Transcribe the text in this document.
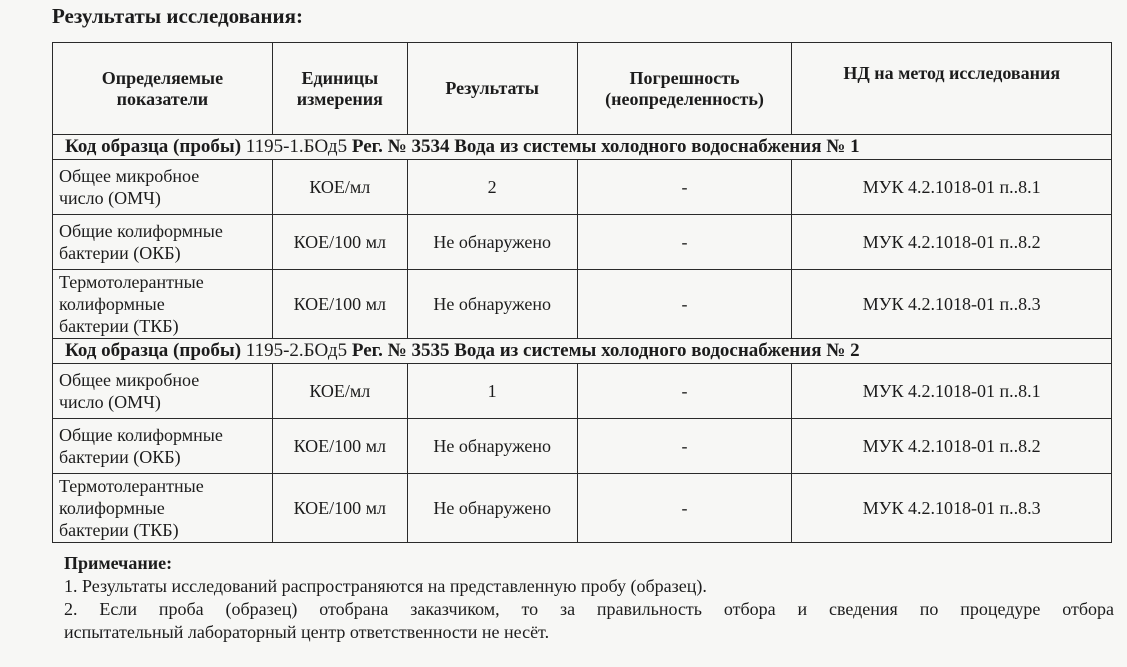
Результаты исследования:
Определяемые
показатели	Единицы
измерения	Результаты	Погрешность
(неопределенность)	НД на метод исследования

Код образца (пробы) 1195-1.БОд5 Рег. № 3534 Вода из системы холодного водоснабжения № 1				

Общее микробное
число (ОМЧ)	КОЕ/мл	2	-	МУК 4.2.1018-01 п..8.1

Общие колиформные
бактерии (ОКБ)	КОЕ/100 мл	Не обнаружено	-	МУК 4.2.1018-01 п..8.2

Термотолерантные
колиформные
бактерии (ТКБ)	КОЕ/100 мл	Не обнаружено	-	МУК 4.2.1018-01 п..8.3
Код образца (пробы) 1195-2.БОд5 Рег. № 3535 Вода из системы холодного водоснабжения № 2				

Общее микробное
число (ОМЧ)	КОЕ/мл	1	-	МУК 4.2.1018-01 п..8.1

Общие колиформные
бактерии (ОКБ)	КОЕ/100 мл	Не обнаружено	-	МУК 4.2.1018-01 п..8.2

Термотолерантные
колиформные
бактерии (ТКБ)	КОЕ/100 мл	Не обнаружено	-	МУК 4.2.1018-01 п..8.3
Примечание:
1. Результаты исследований распространяются на представленную пробу (образец).
2. Если проба (образец) отобрана заказчиком, то за правильность отбора и сведения по процедуре отбора
испытательный лабораторный центр ответственности не несёт.
